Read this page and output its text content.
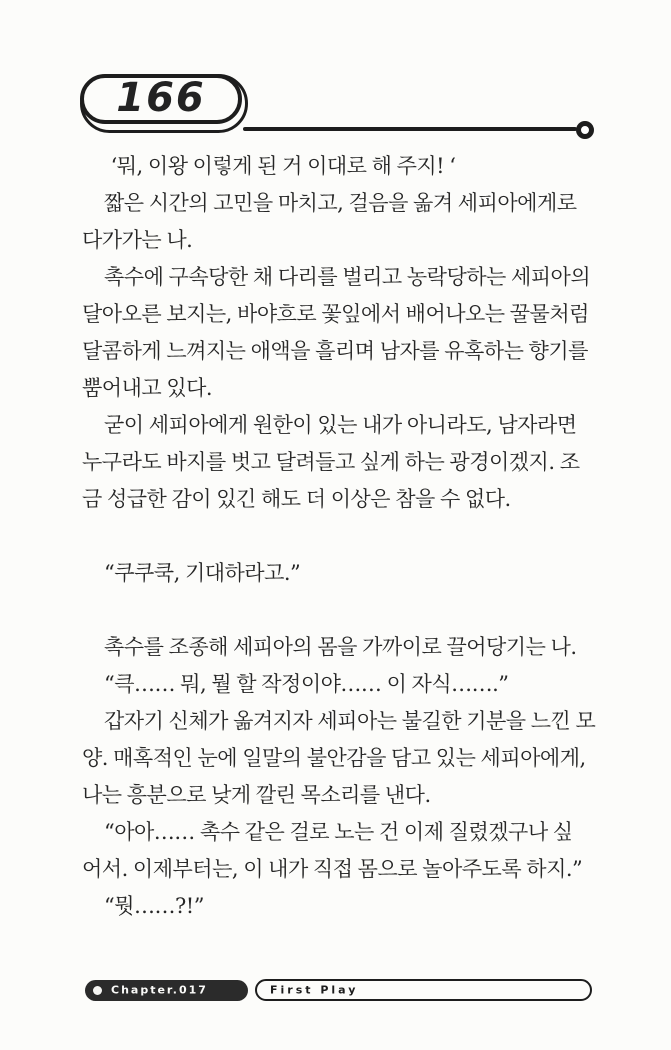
166
‘뭐, 이왕 이렇게 된 거 이대로 해 주지! ‘
짧은 시간의 고민을 마치고, 걸음을 옮겨 세피아에게로
다가가는 나.
촉수에 구속당한 채 다리를 벌리고 농락당하는 세피아의
달아오른 보지는, 바야흐로 꽃잎에서 배어나오는 꿀물처럼
달콤하게 느껴지는 애액을 흘리며 남자를 유혹하는 향기를
뿜어내고 있다.
굳이 세피아에게 원한이 있는 내가 아니라도, 남자라면
누구라도 바지를 벗고 달려들고 싶게 하는 광경이겠지. 조
금 성급한 감이 있긴 해도 더 이상은 참을 수 없다.
“쿠쿠쿡, 기대하라고.”
촉수를 조종해 세피아의 몸을 가까이로 끌어당기는 나.
“큭…… 뭐, 뭘 할 작정이야…… 이 자식…….”
갑자기 신체가 옮겨지자 세피아는 불길한 기분을 느낀 모
양. 매혹적인 눈에 일말의 불안감을 담고 있는 세피아에게,
나는 흥분으로 낮게 깔린 목소리를 낸다.
“아아…… 촉수 같은 걸로 노는 건 이제 질렸겠구나 싶
어서. 이제부터는, 이 내가 직접 몸으로 놀아주도록 하지.”
“뭣……?!”
Chapter.017	First Play
